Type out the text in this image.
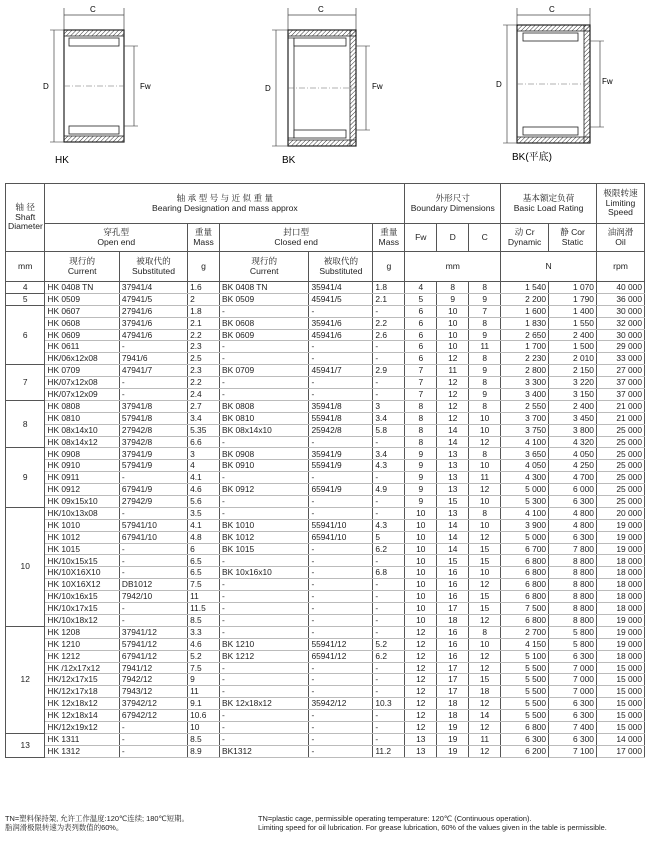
C
D	Fw
HK
C
D	Fw
BK
C
D	Fw
BK(平底)
轴 径
Shaft
Diameter	轴 承 型 号 与 近 似 重 量
Bearing Designation and mass approx						外形尺寸
Boundary Dimensions			基本额定负荷
Basic Load Rating		极限转速
Limiting
Speed
	穿孔型
Open end		重量
Mass	封口型
Closed end		重量
Mass	Fw	D	C	动 Cr
Dynamic	静 Cor
Static	油润滑
Oil
mm	现行的
Current	被取代的
Substituted	g	现行的
Current	被取代的
Substituted	g	mm			N		rpm
4	HK 0408 TN	37941/4	1.6	BK 0408 TN	35941/4	1.8	4	8	8	1 540	1 070	40 000
5	HK 0509	47941/5	2	BK 0509	45941/5	2.1	5	9	9	2 200	1 790	36 000
6	HK 0607	27941/6	1.8	-	-	-	6	10	7	1 600	1 400	30 000
	HK 0608	37941/6	2.1	BK 0608	35941/6	2.2	6	10	8	1 830	1 550	32 000
	HK 0609	47941/6	2.2	BK 0609	45941/6	2.6	6	10	9	2 650	2 400	30 000
	HK 0611	-	2.3	-	-	-	6	10	11	1 700	1 500	29 000
	HK/06x12x08	7941/6	2.5	-	-	-	6	12	8	2 230	2 010	33 000
7	HK 0709	47941/7	2.3	BK 0709	45941/7	2.9	7	11	9	2 800	2 150	27 000
	HK/07x12x08	-	2.2	-	-	-	7	12	8	3 300	3 220	37 000
	HK/07x12x09	-	2.4	-	-	-	7	12	9	3 400	3 150	37 000
8	HK 0808	37941/8	2.7	BK 0808	35941/8	3	8	12	8	2 550	2 400	21 000
	HK 0810	57941/8	3.4	BK 0810	55941/8	3.4	8	12	10	3 700	3 450	21 000
	HK 08x14x10	27942/8	5.35	BK 08x14x10	25942/8	5.8	8	14	10	3 750	3 800	25 000
	HK 08x14x12	37942/8	6.6	-	-	-	8	14	12	4 100	4 320	25 000
9	HK 0908	37941/9	3	BK 0908	35941/9	3.4	9	13	8	3 650	4 050	25 000
	HK 0910	57941/9	4	BK 0910	55941/9	4.3	9	13	10	4 050	4 250	25 000
	HK 0911	-	4.1	-	-	-	9	13	11	4 300	4 700	25 000
	HK 0912	67941/9	4.6	BK 0912	65941/9	4.9	9	13	12	5 000	6 000	25 000
	HK 09x15x10	27942/9	5.6	-	-	-	9	15	10	5 300	6 300	25 000
10	HK/10x13x08	-	3.5	-	-	-	10	13	8	4 100	4 800	20 000
	HK 1010	57941/10	4.1	BK 1010	55941/10	4.3	10	14	10	3 900	4 800	19 000
	HK 1012	67941/10	4.8	BK 1012	65941/10	5	10	14	12	5 000	6 300	19 000
	HK 1015	-	6	BK 1015	-	6.2	10	14	15	6 700	7 800	19 000
	HK/10x15x15	-	6.5	-	-	-	10	15	15	6 800	8 800	18 000
	HK/10X16X10	-	6.5	BK 10x16x10	-	6.8	10	16	10	6 800	8 800	18 000
	HK 10X16X12	DB1012	7.5	-	-	-	10	16	12	6 800	8 800	18 000
	HK/10x16x15	7942/10	11	-	-	-	10	16	15	6 800	8 800	18 000
	HK/10x17x15	-	11.5	-	-	-	10	17	15	7 500	8 800	18 000
	HK/10x18x12	-	8.5	-	-	-	10	18	12	6 800	8 800	19 000
12	HK 1208	37941/12	3.3	-	-	-	12	16	8	2 700	5 800	19 000
	HK 1210	57941/12	4.6	BK 1210	55941/12	5.2	12	16	10	4 150	5 800	19 000
	HK 1212	67941/12	5.2	BK 1212	65941/12	6.2	12	16	12	5 100	6 300	18 000
	HK /12x17x12	7941/12	7.5	-	-	-	12	17	12	5 500	7 000	15 000
	HK/12x17x15	7942/12	9	-	-	-	12	17	15	5 500	7 000	15 000
	HK/12x17x18	7943/12	11	-	-	-	12	17	18	5 500	7 000	15 000
	HK 12x18x12	37942/12	9.1	BK 12x18x12	35942/12	10.3	12	18	12	5 500	6 300	15 000
	HK 12x18x14	67942/12	10.6	-	-	-	12	18	14	5 500	6 300	15 000
	HK/12x19x12	-	10	-	-	-	12	19	12	6 800	7 400	15 000
13	HK 1311	-	8.5	-	-	-	13	19	11	6 300	6 300	14 000
	HK 1312	-	8.9	BK1312	-	11.2	13	19	12	6 200	7 100	17 000
TN=塑料保持架, 允许工作温度:120℃连续; 180℃短期。
脂润滑极限转速为表列数值的60%。
TN=plastic cage, permissible operating temperature: 120℃ (Continuous operation).
Limiting speed for oil lubrication. For grease lubrication, 60% of the values given in the table is permissible.
